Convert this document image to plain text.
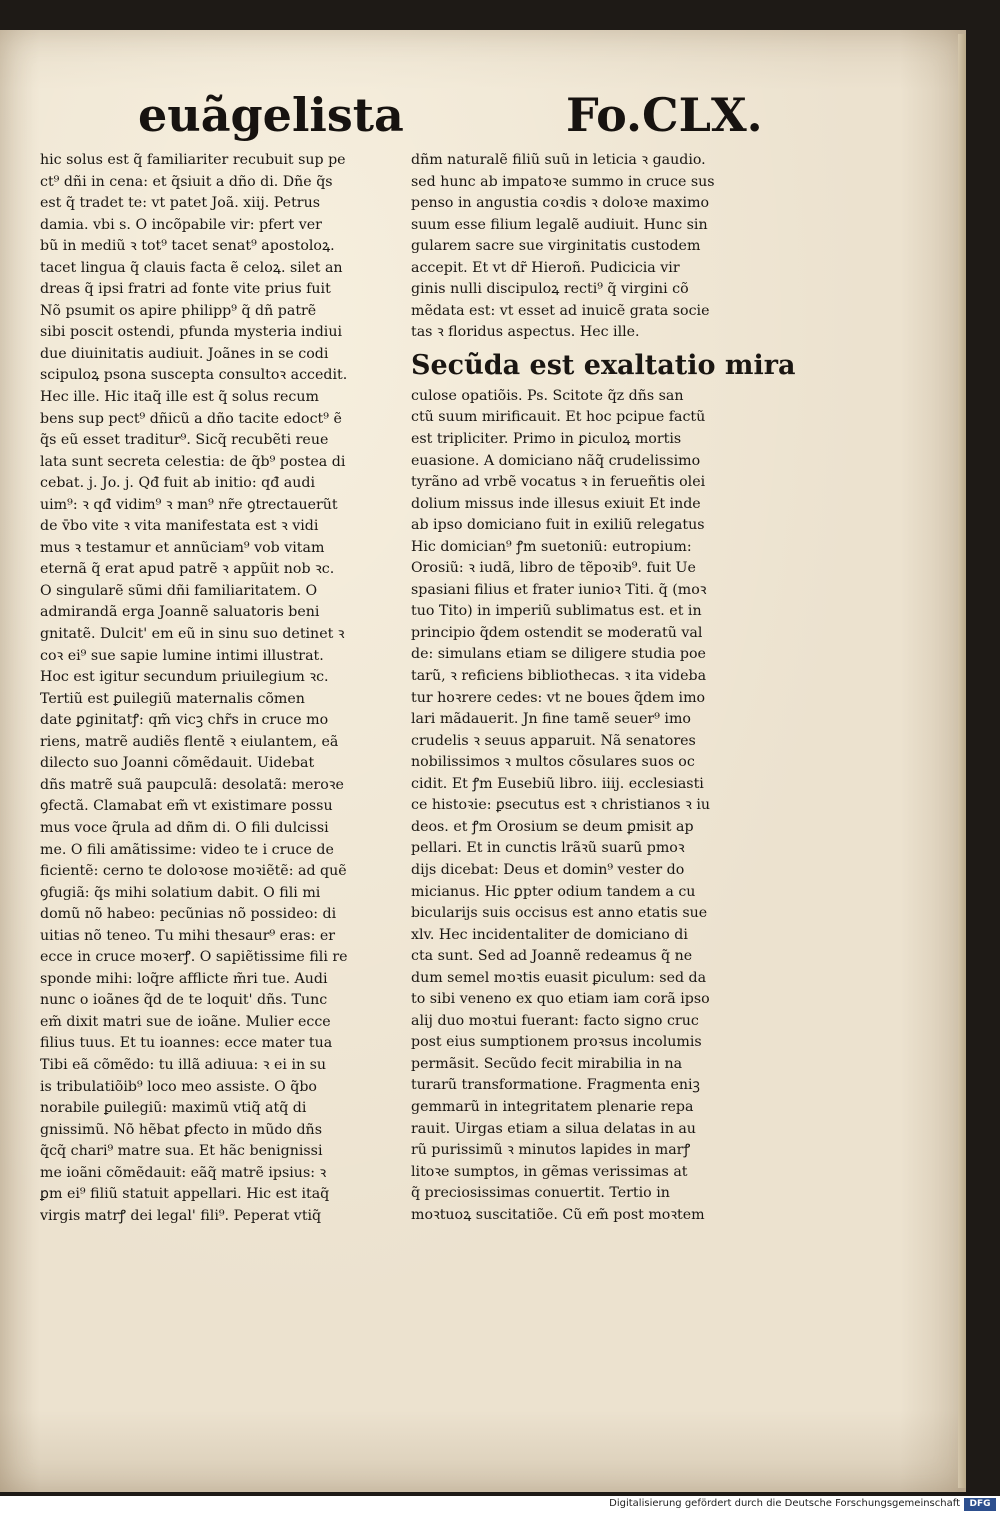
euãgelista	Fo.CLX.
hic solus est q̃ familiariter recubuit sup pe
ct⁹ dñi in cena: et q̃siuit a dño di. Dñe q̃s
est q̃ tradet te: vt patet Joã. xiij. Petrus
damia. vbi s. O incõpabile vir: pfert ver
bũ in mediũ ꝛ tot⁹ tacet senat⁹ apostoloꝝ.
tacet lingua q̃ clauis facta ẽ celoꝝ. silet an
dreas q̃ ipsi fratri ad fonte vite prius fuit
Nõ psumit os apire philipp⁹ q̃ dñ patrẽ
sibi poscit ostendi, pfunda mysteria indiui
due diuinitatis audiuit. Joãnes in se codi
scipuloꝝ psona suscepta consultoꝛ accedit.
Hec ille. Hic itaq̃ ille est q̃ solus recum
bens sup pect⁹ dñicũ a dño tacite edoct⁹ ẽ
q̃s eũ esset traditur⁹. Sicq̃ recubẽti reue
lata sunt secreta celestia: de q̃b⁹ postea di
cebat. j. Jo. j. Qđ fuit ab initio: qđ audi
uim⁹: ꝛ qđ vidim⁹ ꝛ man⁹ nr̃e ꝯtrectauerũt
de v̄bo vite ꝛ vita manifestata est ꝛ vidi
mus ꝛ testamur et annũciam⁹ vob vitam
eternã q̃ erat apud patrẽ ꝛ appũit nob ꝛc.
O singularẽ sũmi dñi familiaritatem. O
admirandã erga Joannẽ saluatoris beni
gnitatẽ. Dulcit' em eũ in sinu suo detinet ꝛ
coꝛ ei⁹ sue sapie lumine intimi illustrat.
Hoc est igitur secundum priuilegium ꝛc.
Tertiũ est ꝑuilegiũ maternalis cõmen
date ꝑginitatꝭ: qm̃ vicꝫ chr̃s in cruce mo
riens, matrẽ audiẽs flentẽ ꝛ eiulantem, eã
dilecto suo Joanni cõmẽdauit. Uidebat
dñs matrẽ suã paupculã: desolatã: meroꝛe
ꝯfectã. Clamabat em̃ vt existimare possu
mus voce q̃rula ad dñm di. O fili dulcissi
me. O fili amãtissime: video te i cruce de
ficientẽ: cerno te doloꝛose moꝛiẽtẽ: ad quẽ
ꝯfugiã: q̃s mihi solatium dabit. O fili mi
domũ nõ habeo: pecũnias nõ possideo: di
uitias nõ teneo. Tu mihi thesaur⁹ eras: er
ecce in cruce moꝛerꝭ. O sapiẽtissime fili re
sponde mihi: loq̃re afflicte m̃ri tue. Audi
nunc o ioãnes q̃d de te loquit' dñs. Tunc
em̃ dixit matri sue de ioãne. Mulier ecce
filius tuus. Et tu ioannes: ecce mater tua
Tibi eã cõmẽdo: tu illã adiuua: ꝛ ei in su
is tribulatiõib⁹ loco meo assiste. O q̃bo
norabile ꝑuilegiũ: maximũ vtiq̃ atq̃ di
gnissimũ. Nõ hẽbat ꝑfecto in mũdo dñs
q̃cq̃ chari⁹ matre sua. Et hãc benignissi
me ioãni cõmẽdauit: eãq̃ matrẽ ipsius: ꝛ
ꝑm ei⁹ filiũ statuit appellari. Hic est itaq̃
virgis matrꝭ dei legal' fili⁹. Peperat vtiq̃
dñm naturalẽ filiũ suũ in leticia ꝛ gaudio.
sed hunc ab impatoꝛe summo in cruce sus
penso in angustia coꝛdis ꝛ doloꝛe maximo
suum esse filium legalẽ audiuit. Hunc sin
gularem sacre sue virginitatis custodem
accepit. Et vt dr̃ Hieroñ. Pudicicia vir
ginis nulli discipuloꝝ recti⁹ q̃ virgini cõ
mẽdata est: vt esset ad inuicẽ grata socie
tas ꝛ floridus aspectus. Hec ille.
Secũda est exaltatio mira
culose opatiõis. Ps. Scitote q̃z dñs san
ctũ suum mirificauit. Et hoc pcipue factũ
est tripliciter. Primo in ꝑiculoꝝ mortis
euasione. A domiciano nãq̃ crudelissimo
tyrãno ad vrbẽ vocatus ꝛ in ferueñtis olei
dolium missus inde illesus exiuit Et inde
ab ipso domiciano fuit in exiliũ relegatus
Hic domician⁹ ꝭm suetoniũ: eutropium:
Orosiũ: ꝛ iudã, libro de tẽpoꝛib⁹. fuit Ue
spasiani filius et frater iunioꝛ Titi. q̃ (moꝛ
tuo Tito) in imperiũ sublimatus est. et in
principio q̃dem ostendit se moderatũ val
de: simulans etiam se diligere studia poe
tarũ, ꝛ reficiens bibliothecas. ꝛ ita videba
tur hoꝛrere cedes: vt ne boues q̃dem imo
lari mãdauerit. Jn fine tamẽ seuer⁹ imo
crudelis ꝛ seuus apparuit. Nã senatores
nobilissimos ꝛ multos cõsulares suos oc
cidit. Et ꝭm Eusebiũ libro. iiij. ecclesiasti
ce histoꝛie: ꝑsecutus est ꝛ christianos ꝛ iu
deos. et ꝭm Orosium se deum ꝑmisit ap
pellari. Et in cunctis lrãꝛũ suarũ pmoꝛ
dijs dicebat: Deus et domin⁹ vester do
micianus. Hic ꝑpter odium tandem a cu
bicularijs suis occisus est anno etatis sue
xlv. Hec incidentaliter de domiciano di
cta sunt. Sed ad Joannẽ redeamus q̃ ne
dum semel moꝛtis euasit ꝑiculum: sed da
to sibi veneno ex quo etiam iam corã ipso
alij duo moꝛtui fuerant: facto signo cruc
post eius sumptionem proꝛsus incolumis
permãsit. Secũdo fecit mirabilia in na
turarũ transformatione. Fragmenta eniꝫ
gemmarũ in integritatem plenarie repa
rauit. Uirgas etiam a silua delatas in au
rũ purissimũ ꝛ minutos lapides in marꝭ
litoꝛe sumptos, in gẽmas verissimas at
q̃ preciosissimas conuertit. Tertio in
moꝛtuoꝝ suscitatiõe. Cũ em̃ post moꝛtem
Digitalisierung gefördert durch die Deutsche Forschungsgemeinschaft	DFG
